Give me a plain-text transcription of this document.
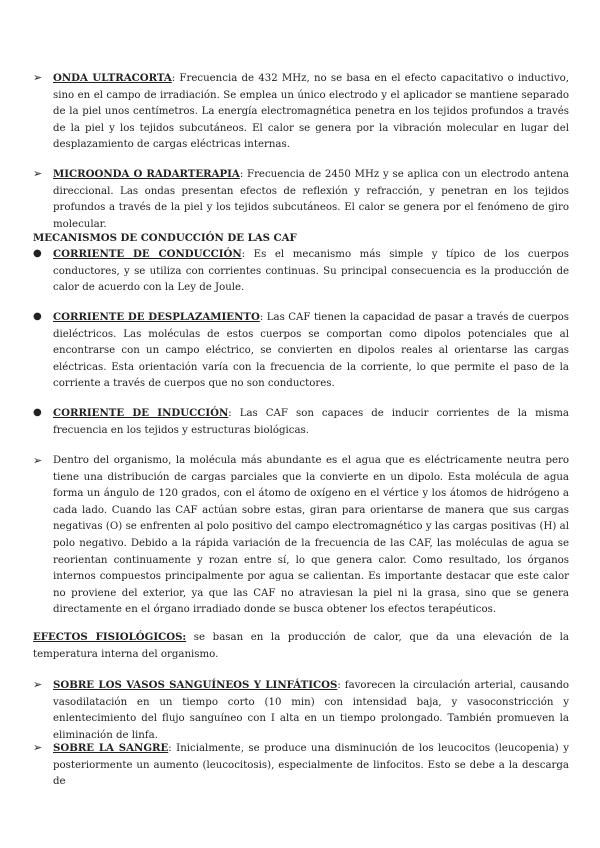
➢	ONDA ULTRACORTA: Frecuencia de 432 MHz, no se basa en el efecto capacitativo o inductivo, sino en el campo de irradiación. Se emplea un único electrodo y el aplicador se mantiene separado de la piel unos centímetros. La energía electromagnética penetra en los tejidos profundos a través de la piel y los tejidos subcutáneos. El calor se genera por la vibración molecular en lugar del desplazamiento de cargas eléctricas internas.
➢	MICROONDA O RADARTERAPIA: Frecuencia de 2450 MHz y se aplica con un electrodo antena direccional. Las ondas presentan efectos de reflexión y refracción, y penetran en los tejidos profundos a través de la piel y los tejidos subcutáneos. El calor se genera por el fenómeno de giro molecular.
MECANISMOS DE CONDUCCIÓN DE LAS CAF
●	CORRIENTE DE CONDUCCIÓN: Es el mecanismo más simple y típico de los cuerpos conductores, y se utiliza con corrientes continuas. Su principal consecuencia es la producción de calor de acuerdo con la Ley de Joule.
●	CORRIENTE DE DESPLAZAMIENTO: Las CAF tienen la capacidad de pasar a través de cuerpos dieléctricos. Las moléculas de estos cuerpos se comportan como dipolos potenciales que al encontrarse con un campo eléctrico, se convierten en dipolos reales al orientarse las cargas eléctricas. Esta orientación varía con la frecuencia de la corriente, lo que permite el paso de la corriente a través de cuerpos que no son conductores.
●	CORRIENTE DE INDUCCIÓN: Las CAF son capaces de inducir corrientes de la misma frecuencia en los tejidos y estructuras biológicas.
➢	Dentro del organismo, la molécula más abundante es el agua que es eléctricamente neutra pero tiene una distribución de cargas parciales que la convierte en un dipolo. Esta molécula de agua forma un ángulo de 120 grados, con el átomo de oxígeno en el vértice y los átomos de hidrógeno a cada lado. Cuando las CAF actúan sobre estas, giran para orientarse de manera que sus cargas negativas (O) se enfrenten al polo positivo del campo electromagnético y las cargas positivas (H) al polo negativo. Debido a la rápida variación de la frecuencia de las CAF, las moléculas de agua se reorientan continuamente y rozan entre sí, lo que genera calor. Como resultado, los órganos internos compuestos principalmente por agua se calientan. Es importante destacar que este calor no proviene del exterior, ya que las CAF no atraviesan la piel ni la grasa, sino que se genera directamente en el órgano irradiado donde se busca obtener los efectos terapéuticos.
EFECTOS FISIOLÓGICOS: se basan en la producción de calor, que da una elevación de la temperatura interna del organismo.
➢	SOBRE LOS VASOS SANGUÍNEOS Y LINFÁTICOS: favorecen la circulación arterial, causando vasodilatación en un tiempo corto (10 min) con intensidad baja, y vasoconstricción y enlentecimiento del flujo sanguíneo con I alta en un tiempo prolongado. También promueven la eliminación de linfa.
➢	SOBRE LA SANGRE: Inicialmente, se produce una disminución de los leucocitos (leucopenia) y posteriormente un aumento (leucocitosis), especialmente de linfocitos. Esto se debe a la descarga de
